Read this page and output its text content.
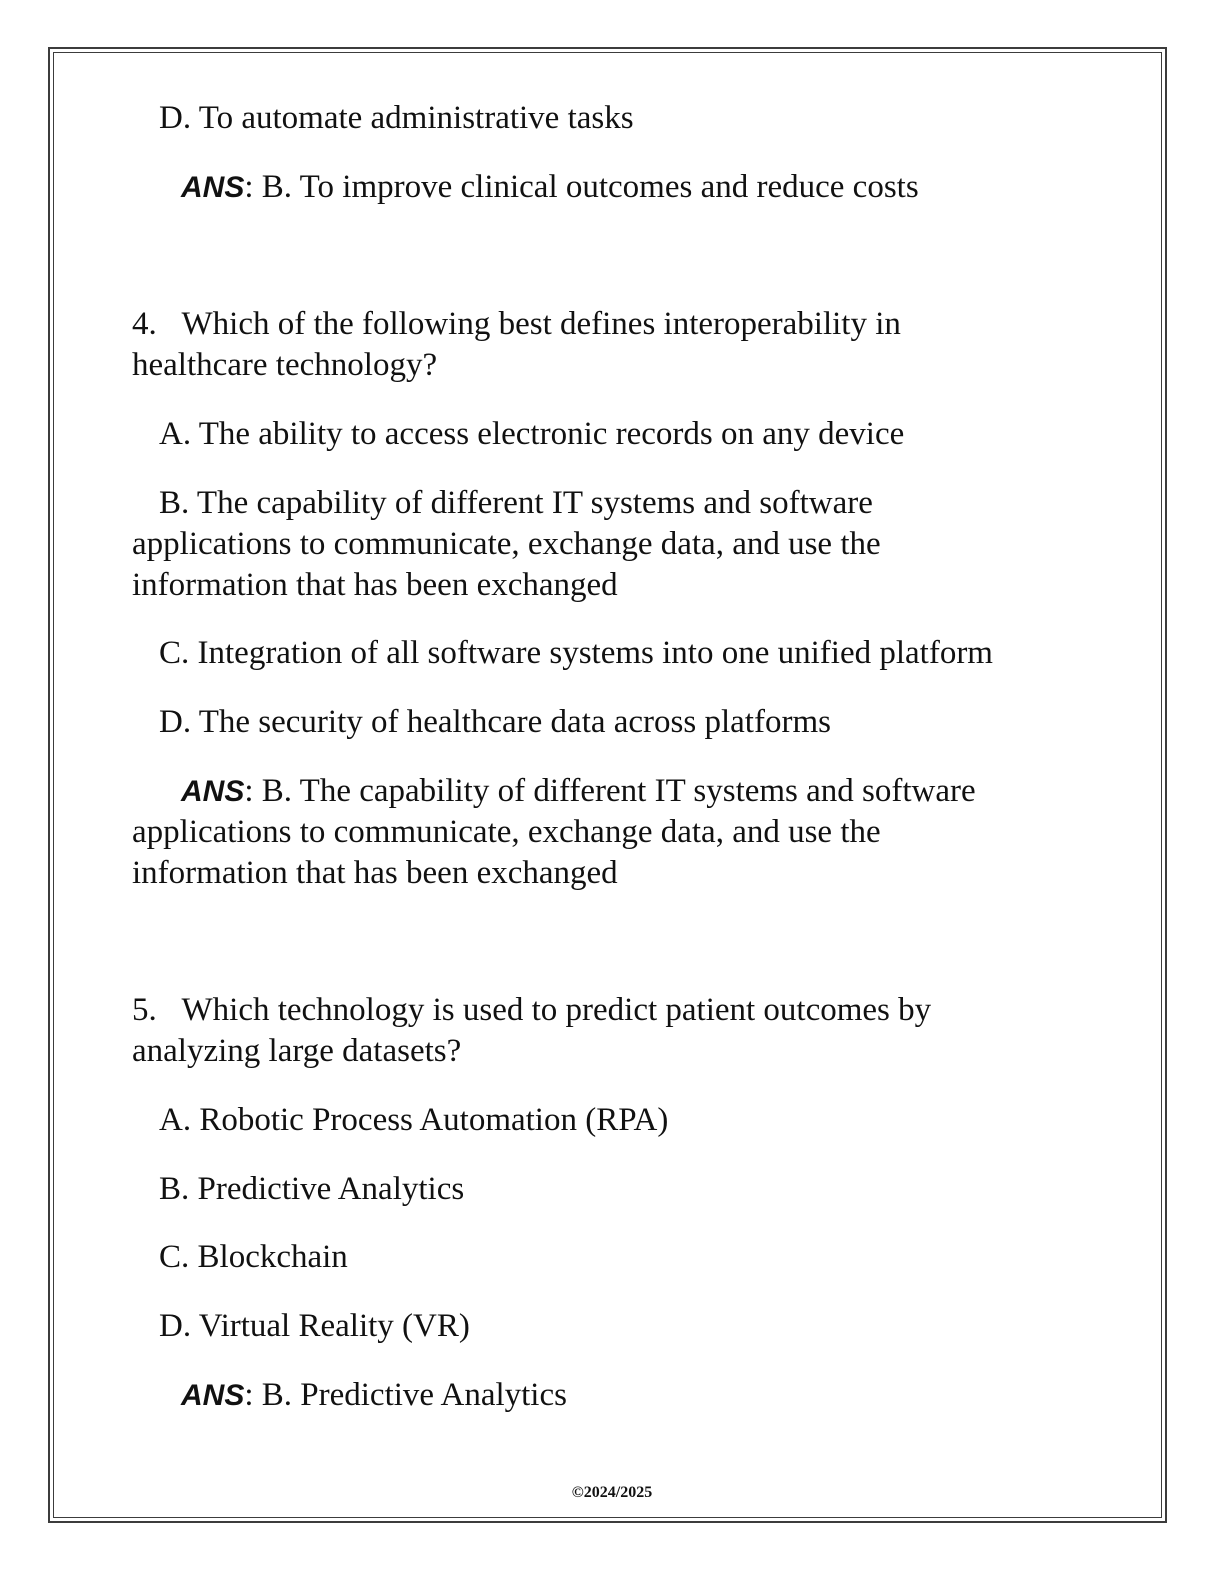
D. To automate administrative tasks

ANS: B. To improve clinical outcomes and reduce costs

4.   Which of the following best defines interoperability in

healthcare technology?

A. The ability to access electronic records on any device

B. The capability of different IT systems and software

applications to communicate, exchange data, and use the

information that has been exchanged

C. Integration of all software systems into one unified platform

D. The security of healthcare data across platforms

ANS: B. The capability of different IT systems and software

applications to communicate, exchange data, and use the

information that has been exchanged

5.   Which technology is used to predict patient outcomes by

analyzing large datasets?

A. Robotic Process Automation (RPA)

B. Predictive Analytics

C. Blockchain

D. Virtual Reality (VR)

ANS: B. Predictive Analytics

©2024/2025
